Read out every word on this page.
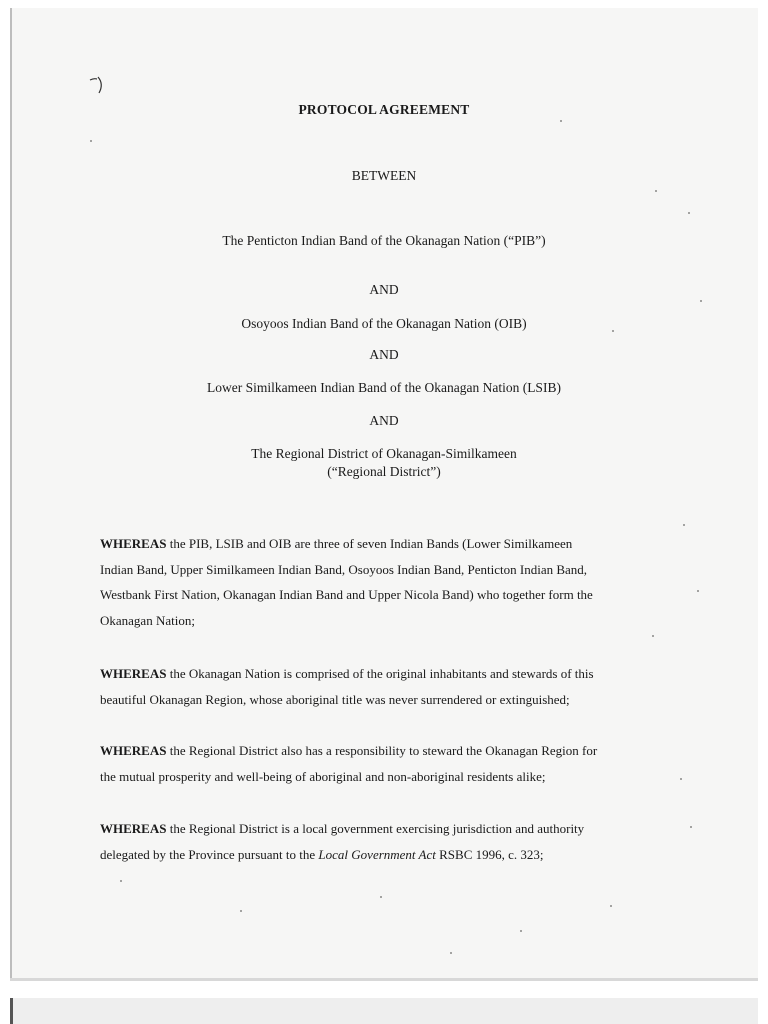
PROTOCOL AGREEMENT
BETWEEN
The Penticton Indian Band of the Okanagan Nation (“PIB”)
AND
Osoyoos Indian Band of the Okanagan Nation (OIB)
AND
Lower Similkameen Indian Band of the Okanagan Nation (LSIB)
AND
The Regional District of Okanagan-Similkameen
(“Regional District”)
WHEREAS the PIB, LSIB and OIB are three of seven Indian Bands (Lower Similkameen
Indian Band, Upper Similkameen Indian Band, Osoyoos Indian Band, Penticton Indian Band,
Westbank First Nation, Okanagan Indian Band and Upper Nicola Band) who together form the
Okanagan Nation;
WHEREAS the Okanagan Nation is comprised of the original inhabitants and stewards of this
beautiful Okanagan Region, whose aboriginal title was never surrendered or extinguished;
WHEREAS the Regional District also has a responsibility to steward the Okanagan Region for
the mutual prosperity and well-being of aboriginal and non-aboriginal residents alike;
WHEREAS the Regional District is a local government exercising jurisdiction and authority
delegated by the Province pursuant to the Local Government Act RSBC 1996, c. 323;
